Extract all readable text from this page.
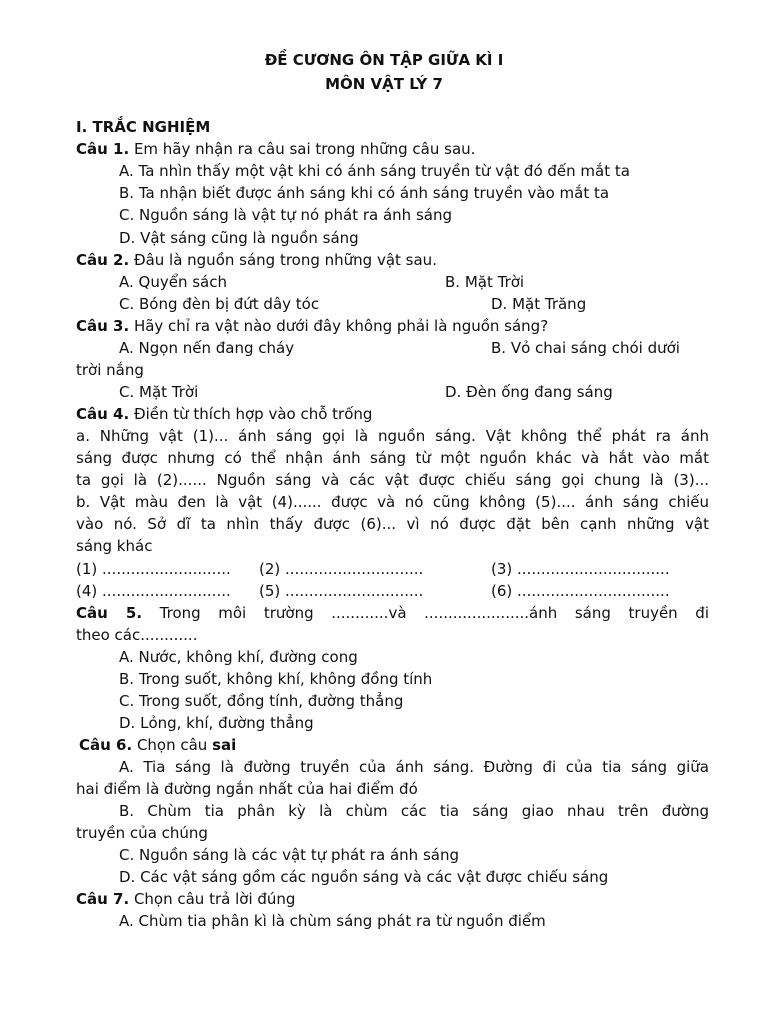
ĐỀ CƯƠNG ÔN TẬP GIỮA KÌ I
MÔN VẬT LÝ 7
I. TRẮC NGHIỆM
Câu 1. Em hãy nhận ra câu sai trong những câu sau.
A. Ta nhìn thấy một vật khi có ánh sáng truyền từ vật đó đến mắt ta
B. Ta nhận biết được ánh sáng khi có ánh sáng truyền vào mắt ta
C. Nguồn sáng là vật tự nó phát ra ánh sáng
D. Vật sáng cũng là nguồn sáng
Câu 2. Đâu là nguồn sáng trong những vật sau.
A. Quyển sách	B. Mặt Trời
C. Bóng đèn bị đứt dây tóc	D. Mặt Trăng
Câu 3. Hãy chỉ ra vật nào dưới đây không phải là nguồn sáng?
A. Ngọn nến đang cháy	B. Vỏ chai sáng chói dưới
trời nắng
C. Mặt Trời	D. Đèn ống đang sáng
Câu 4. Điền từ thích hợp vào chỗ trống
a. Những vật (1)... ánh sáng gọi là nguồn sáng. Vật không thể phát ra ánh
sáng được nhưng có thể nhận ánh sáng từ một nguồn khác và hắt vào mắt
ta gọi là (2)...... Nguồn sáng và các vật được chiếu sáng gọi chung là (3)...
b. Vật màu đen là vật (4)...... được và nó cũng không (5).... ánh sáng chiếu
vào nó. Sở dĩ ta nhìn thấy được (6)... vì nó được đặt bên cạnh những vật
sáng khác
(1) ........................... (2) .............................	(3) ................................
(4) ........................... (5) .............................	(6) ................................
Câu 5. Trong môi trường ............và ......................ánh sáng truyền đi
theo các............
A. Nước, không khí, đường cong
B. Trong suốt, không khí, không đồng tính
C. Trong suốt, đồng tính, đường thẳng
D. Lỏng, khí, đường thẳng
Câu 6. Chọn câu sai
A. Tia sáng là đường truyền của ánh sáng. Đường đi của tia sáng giữa
hai điểm là đường ngắn nhất của hai điểm đó
B. Chùm tia phân kỳ là chùm các tia sáng giao nhau trên đường
truyền của chúng
C. Nguồn sáng là các vật tự phát ra ánh sáng
D. Các vật sáng gồm các nguồn sáng và các vật được chiếu sáng
Câu 7. Chọn câu trả lời đúng
A. Chùm tia phân kì là chùm sáng phát ra từ nguồn điểm
